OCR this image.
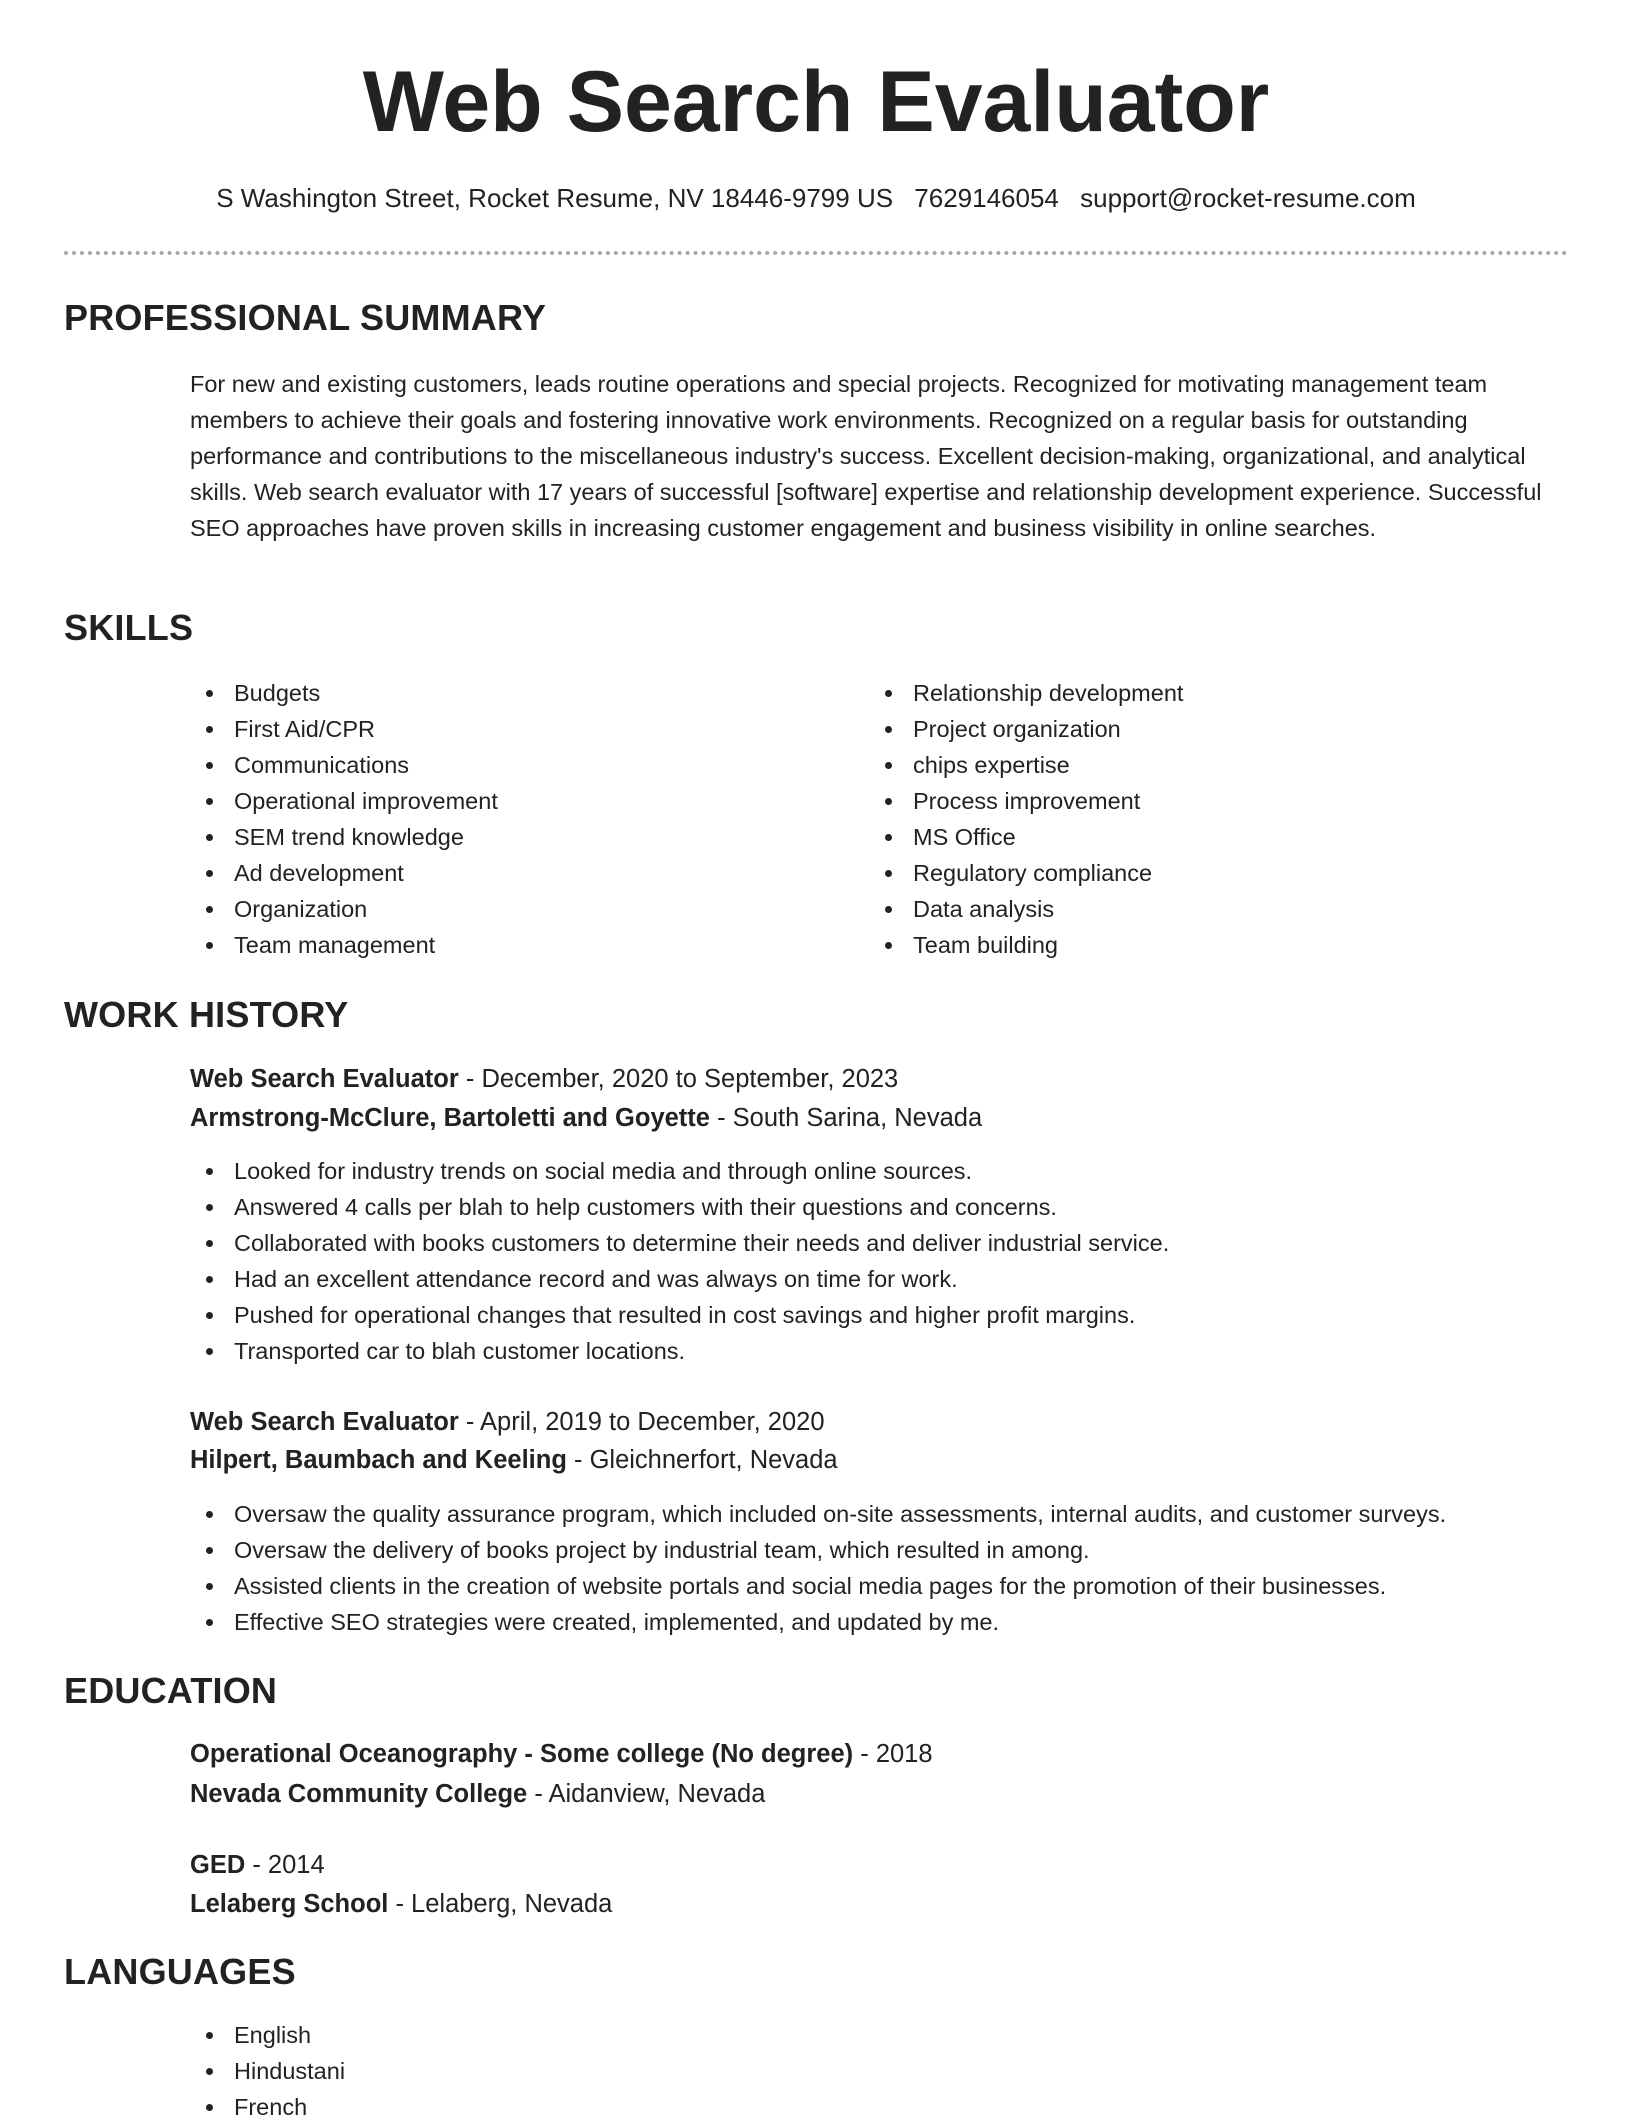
Web Search Evaluator
S Washington Street, Rocket Resume, NV 18446-9799 US 7629146054 support@rocket-resume.com
PROFESSIONAL SUMMARY

For new and existing customers, leads routine operations and special projects. Recognized for motivating management team members to achieve their goals and fostering innovative work environments. Recognized on a regular basis for outstanding performance and contributions to the miscellaneous industry's success. Excellent decision-making, organizational, and analytical skills. Web search evaluator with 17 years of successful [software] expertise and relationship development experience. Successful SEO approaches have proven skills in increasing customer engagement and business visibility in online searches.

SKILLS
Budgets
First Aid/CPR
Communications
Operational improvement
SEM trend knowledge
Ad development
Organization
Team management
Relationship development
Project organization
chips expertise
Process improvement
MS Office
Regulatory compliance
Data analysis
Team building
WORK HISTORY
Web Search Evaluator - December, 2020 to September, 2023
Armstrong-McClure, Bartoletti and Goyette - South Sarina, Nevada
Looked for industry trends on social media and through online sources.
Answered 4 calls per blah to help customers with their questions and concerns.
Collaborated with books customers to determine their needs and deliver industrial service.
Had an excellent attendance record and was always on time for work.
Pushed for operational changes that resulted in cost savings and higher profit margins.
Transported car to blah customer locations.
Web Search Evaluator - April, 2019 to December, 2020
Hilpert, Baumbach and Keeling - Gleichnerfort, Nevada
Oversaw the quality assurance program, which included on-site assessments, internal audits, and customer surveys.
Oversaw the delivery of books project by industrial team, which resulted in among.
Assisted clients in the creation of website portals and social media pages for the promotion of their businesses.
Effective SEO strategies were created, implemented, and updated by me.
EDUCATION
Operational Oceanography - Some college (No degree) - 2018
Nevada Community College - Aidanview, Nevada
GED - 2014
Lelaberg School - Lelaberg, Nevada
LANGUAGES
English
Hindustani
French
